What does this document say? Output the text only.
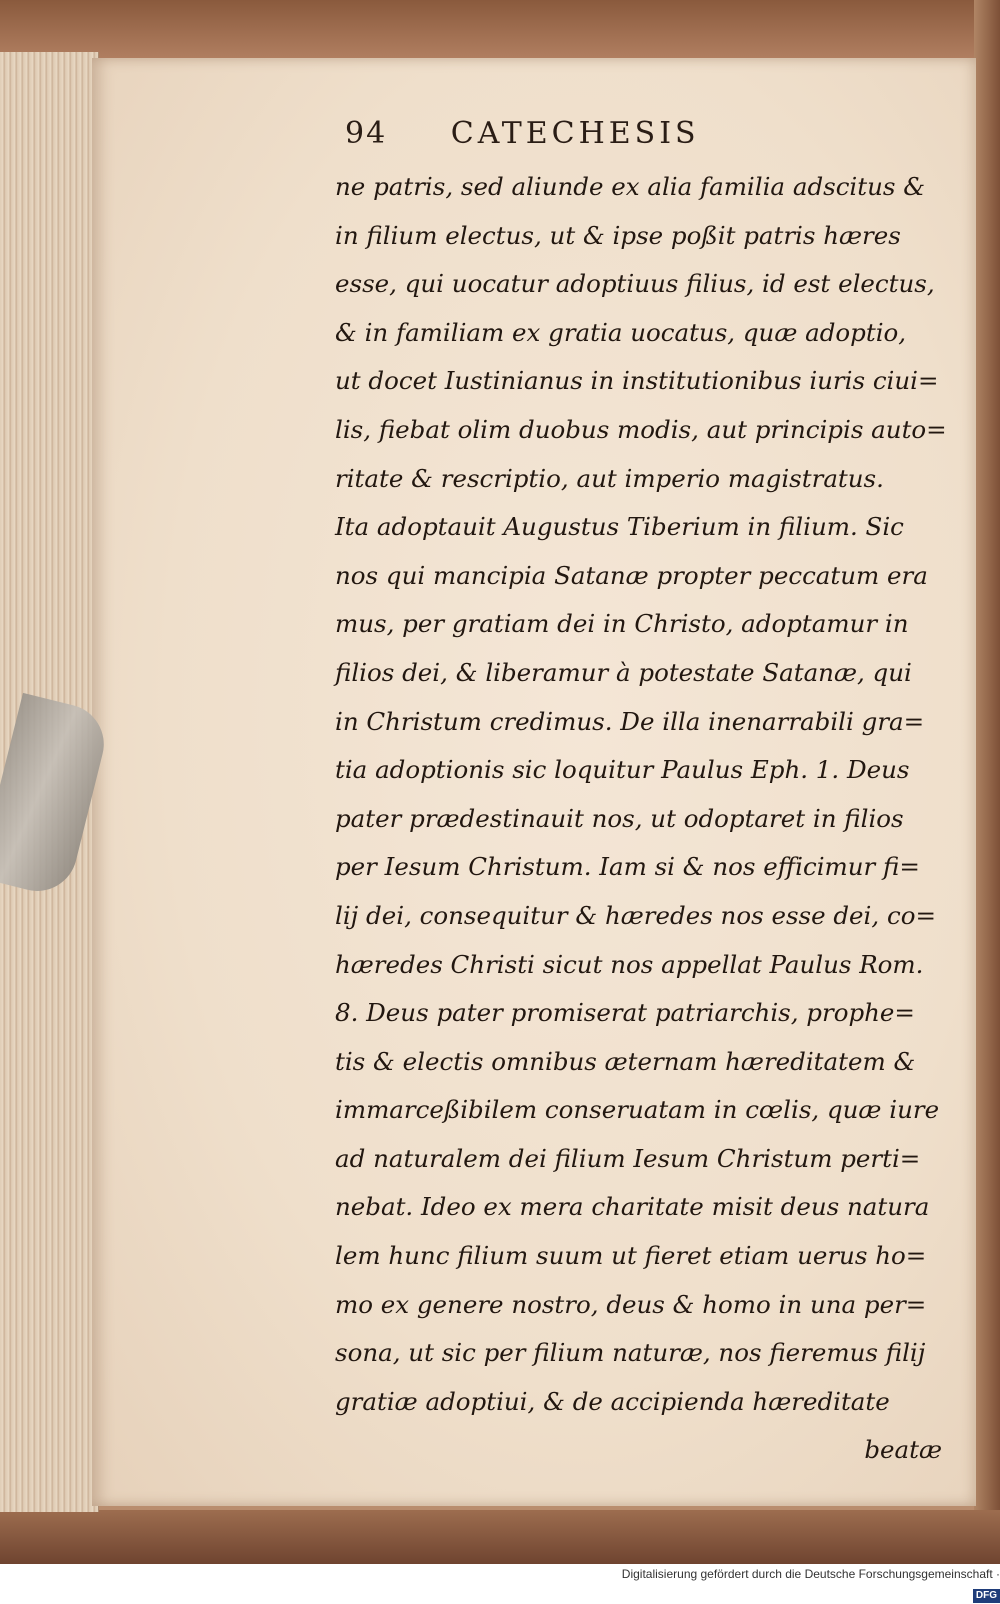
94 CATECHESIS
ne patris, sed aliunde ex alia familia adscitus &
in filium electus, ut & ipse poßit patris hæres
esse, qui uocatur adoptiuus filius, id est electus,
& in familiam ex gratia uocatus, quæ adoptio,
ut docet Iustinianus in institutionibus iuris ciui=
lis, fiebat olim duobus modis, aut principis auto=
ritate & rescriptio, aut imperio magistratus.
Ita adoptauit Augustus Tiberium in filium. Sic
nos qui mancipia Satanæ propter peccatum era
mus, per gratiam dei in Christo, adoptamur in
filios dei, & liberamur à potestate Satanæ, qui
in Christum credimus. De illa inenarrabili gra=
tia adoptionis sic loquitur Paulus Eph. 1. Deus
pater prædestinauit nos, ut odoptaret in filios
per Iesum Christum. Iam si & nos efficimur fi=
lij dei, consequitur & hæredes nos esse dei, co=
hæredes Christi sicut nos appellat Paulus Rom.
8. Deus pater promiserat patriarchis, prophe=
tis & electis omnibus æternam hæreditatem &
immarceßibilem conseruatam in cœlis, quæ iure
ad naturalem dei filium Iesum Christum perti=
nebat. Ideo ex mera charitate misit deus natura
lem hunc filium suum ut fieret etiam uerus ho=
mo ex genere nostro, deus & homo in una per=
sona, ut sic per filium naturæ, nos fieremus filij
gratiæ adoptiui, & de accipienda hæreditate
beatæ
Digitalisierung gefördert durch die Deutsche Forschungsgemeinschaft ·DFG
